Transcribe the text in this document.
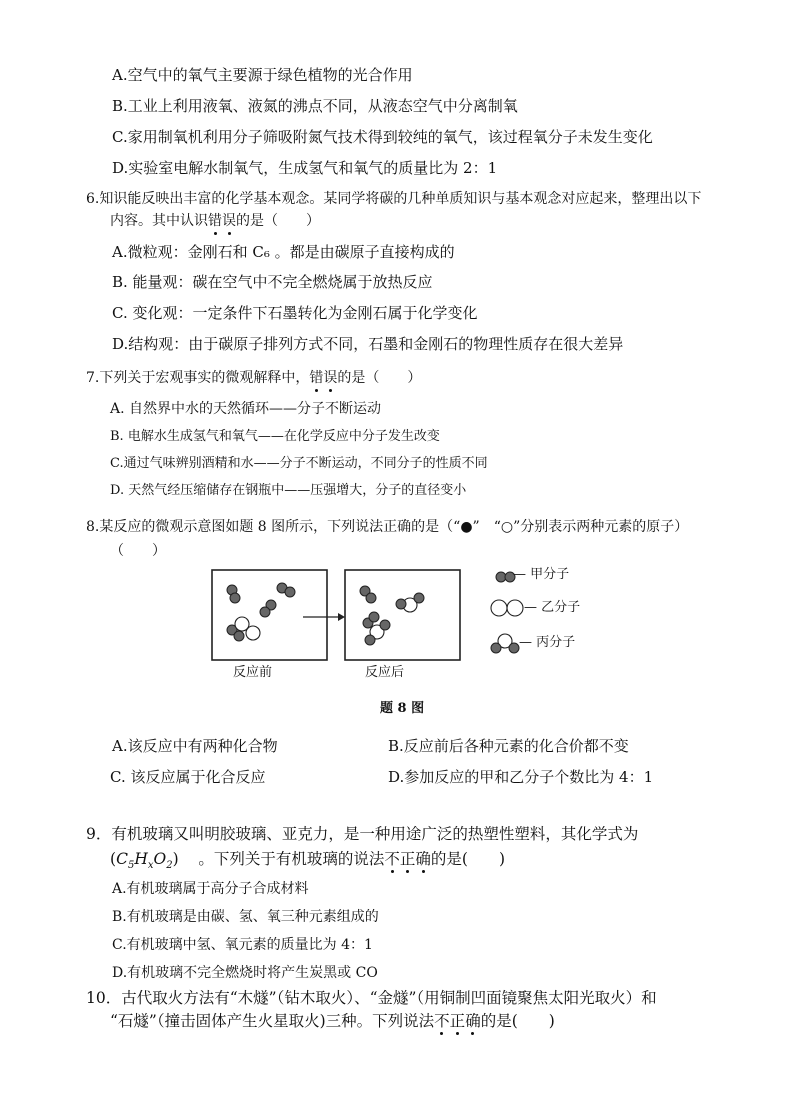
A.空气中的氧气主要源于绿色植物的光合作用
B.工业上利用液氧、液氮的沸点不同，从液态空气中分离制氧
C.家用制氧机利用分子筛吸附氮气技术得到较纯的氧气，该过程氧分子未发生变化
D.实验室电解水制氧气，生成氢气和氧气的质量比为 2：1
6.知识能反映出丰富的化学基本观念。某同学将碳的几种单质知识与基本观念对应起来，整理出以下
内容。其中认识错误的是（　　）
A.微粒观：金刚石和 C₆ 。都是由碳原子直接构成的
B. 能量观：碳在空气中不完全燃烧属于放热反应
C. 变化观：一定条件下石墨转化为金刚石属于化学变化
D.结构观：由于碳原子排列方式不同，石墨和金刚石的物理性质存在很大差异
7.下列关于宏观事实的微观解释中，错误的是（　　）
A. 自然界中水的天然循环——分子不断运动
B. 电解水生成氢气和氧气——在化学反应中分子发生改变
C.通过气味辨别酒精和水——分子不断运动，不同分子的性质不同
D. 天然气经压缩储存在钢瓶中——压强增大，分子的直径变小
8.某反应的微观示意图如题 8 图所示，下列说法正确的是（“●”　“○”分别表示两种元素的原子）
（　　）
— 甲分子
— 乙分子
— 丙分子
反应前	反应后
题 8 图
A.该反应中有两种化合物	B.反应前后各种元素的化合价都不变
C. 该反应属于化合反应	D.参加反应的甲和乙分子个数比为 4：1
9．有机玻璃又叫明胶玻璃、亚克力，是一种用途广泛的热塑性塑料，其化学式为
$(C_5H_xO_2)$ 。下列关于有机玻璃的说法不正确的是(　　)
A.有机玻璃属于高分子合成材料
B.有机玻璃是由碳、氢、氧三种元素组成的
C.有机玻璃中氢、氧元素的质量比为 4：1
D.有机玻璃不完全燃烧时将产生炭黑或 CO
10．古代取火方法有“木燧”（钻木取火）、“金燧”（用铜制凹面镜聚焦太阳光取火）和
“石燧”（撞击固体产生火星取火)三种。下列说法不正确的是(　　)
